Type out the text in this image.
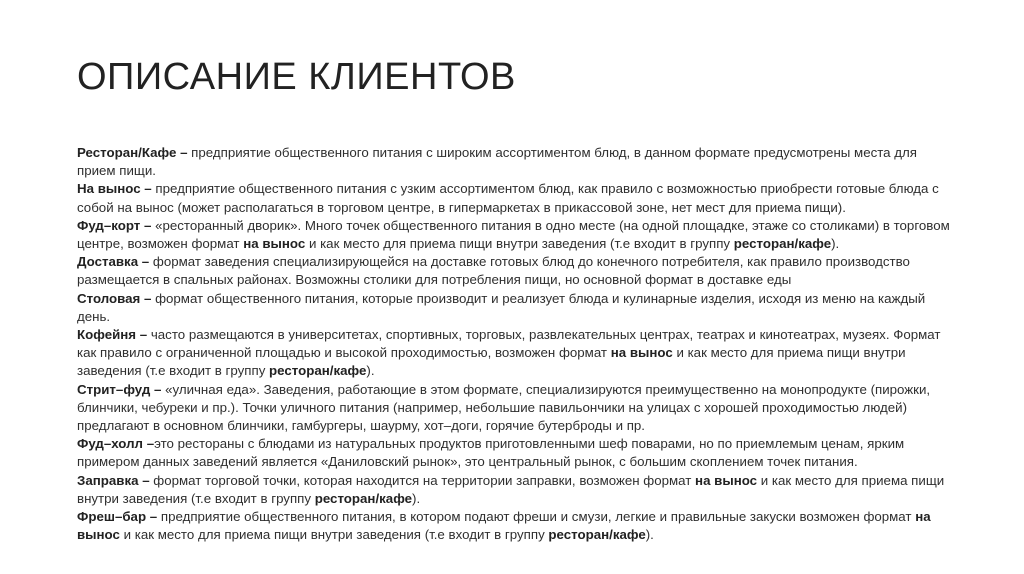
ОПИСАНИЕ КЛИЕНТОВ

Ресторан/Кафе – предприятие общественного питания с широким ассортиментом блюд, в данном формате предусмотрены места для прием пищи.

На вынос – предприятие общественного питания с узким ассортиментом блюд, как правило с возможностью приобрести готовые блюда с собой на вынос (может располагаться в торговом центре, в гипермаркетах в прикассовой зоне, нет мест для приема пищи).

Фуд–корт – «ресторанный дворик». Много точек общественного питания в одно месте (на одной площадке, этаже со столиками) в торговом центре, возможен формат на вынос и как место для приема пищи внутри заведения (т.е входит в группу ресторан/кафе).

Доставка – формат заведения специализирующейся на доставке готовых блюд до конечного потребителя, как правило производство размещается в спальных районах. Возможны столики для потребления пищи, но основной формат в доставке еды

Столовая – формат общественного питания, которые производит и реализует блюда и кулинарные изделия, исходя из меню на каждый день.

Кофейня – часто размещаются в университетах, спортивных, торговых, развлекательных центрах, театрах и кинотеатрах, музеях. Формат как правило с ограниченной площадью и высокой проходимостью, возможен формат на вынос и как место для приема пищи внутри заведения (т.е входит в группу ресторан/кафе).

Стрит–фуд – «уличная еда». Заведения, работающие в этом формате, специализируются преимущественно на монопродукте (пирожки, блинчики, чебуреки и пр.). Точки уличного питания (например, небольшие павильончики на улицах с хорошей проходимостью людей) предлагают в основном блинчики, гамбургеры, шаурму, хот–доги, горячие бутерброды и пр.

Фуд–холл –это рестораны с блюдами из натуральных продуктов приготовленными шеф поварами, но по приемлемым ценам, ярким примером данных заведений является «Даниловский рынок», это центральный рынок, с большим скоплением точек питания.

Заправка – формат торговой точки, которая находится на территории заправки, возможен формат на вынос и как место для приема пищи внутри заведения (т.е входит в группу ресторан/кафе).

Фреш–бар – предприятие общественного питания, в котором подают фреши и смузи, легкие и правильные закуски возможен формат на вынос и как место для приема пищи внутри заведения (т.е входит в группу ресторан/кафе).
